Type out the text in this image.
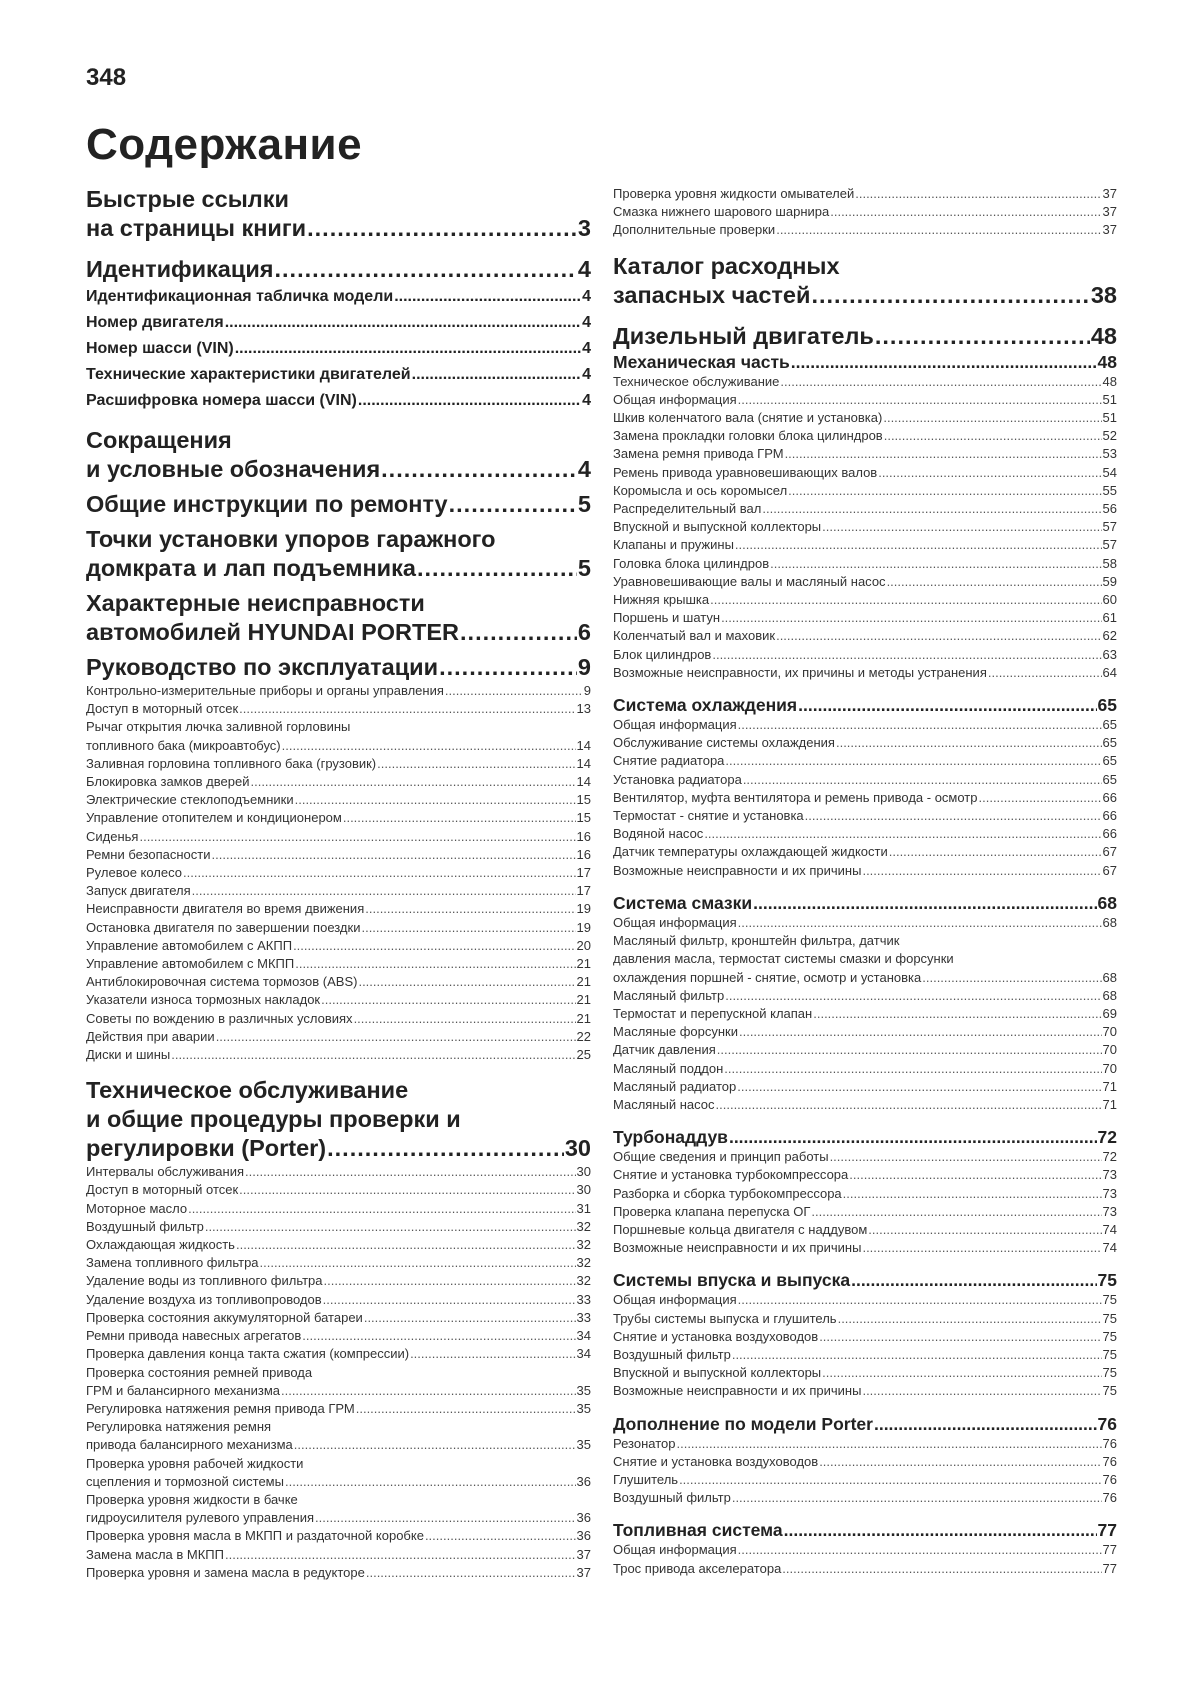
348
Содержание
Быстрые ссылки
на страницы книги .....	3
Идентификация .....	4
Идентификационная табличка модели .....	4
Номер двигателя .....	4
Номер шасси (VIN) .....	4
Технические характеристики двигателей .....	4
Расшифровка номера шасси (VIN) .....	4
Сокращения
и условные обозначения .....	4
Общие инструкции по ремонту .....	5
Точки установки упоров гаражного
домкрата и лап подъемника .....	5
Характерные неисправности
автомобилей HYUNDAI PORTER .....	6
Руководство по эксплуатации .....	9
Контрольно-измерительные приборы и органы управления .....	9
Доступ в моторный отсек .....	13
Рычаг открытия лючка заливной горловины
топливного бака (микроавтобус) .....	14
Заливная горловина топливного бака (грузовик) .....	14
Блокировка замков дверей .....	14
Электрические стеклоподъемники .....	15
Управление отопителем и кондиционером .....	15
Сиденья .....	16
Ремни безопасности .....	16
Рулевое колесо .....	17
Запуск двигателя .....	17
Неисправности двигателя во время движения .....	19
Остановка двигателя по завершении поездки .....	19
Управление автомобилем с АКПП .....	20
Управление автомобилем с МКПП .....	21
Антиблокировочная система тормозов (ABS) .....	21
Указатели износа тормозных накладок .....	21
Советы по вождению в различных условиях .....	21
Действия при аварии .....	22
Диски и шины .....	25
Техническое обслуживание
и общие процедуры проверки и
регулировки (Porter) .....	30
Интервалы обслуживания .....	30
Доступ в моторный отсек .....	30
Моторное масло .....	31
Воздушный фильтр .....	32
Охлаждающая жидкость .....	32
Замена топливного фильтра .....	32
Удаление воды из топливного фильтра .....	32
Удаление воздуха из топливопроводов .....	33
Проверка состояния аккумуляторной батареи .....	33
Ремни привода навесных агрегатов .....	34
Проверка давления конца такта сжатия (компрессии) .....	34
Проверка состояния ремней привода
ГРМ и балансирного механизма .....	35
Регулировка натяжения ремня привода ГРМ .....	35
Регулировка натяжения ремня
привода балансирного механизма .....	35
Проверка уровня рабочей жидкости
сцепления и тормозной системы .....	36
Проверка уровня жидкости в бачке
гидроусилителя рулевого управления .....	36
Проверка уровня масла в МКПП и раздаточной коробке .....	36
Замена масла в МКПП .....	37
Проверка уровня и замена масла в редукторе .....	37
Проверка уровня жидкости омывателей .....	37
Смазка нижнего шарового шарнира .....	37
Дополнительные проверки .....	37
Каталог расходных
запасных частей .....	38
Дизельный двигатель .....	48
Механическая часть .....	48
Техническое обслуживание .....	48
Общая информация .....	51
Шкив коленчатого вала (снятие и установка) .....	51
Замена прокладки головки блока цилиндров .....	52
Замена ремня привода ГРМ .....	53
Ремень привода уравновешивающих валов .....	54
Коромысла и ось коромысел .....	55
Распределительный вал .....	56
Впускной и выпускной коллекторы .....	57
Клапаны и пружины .....	57
Головка блока цилиндров .....	58
Уравновешивающие валы и масляный насос .....	59
Нижняя крышка .....	60
Поршень и шатун .....	61
Коленчатый вал и маховик .....	62
Блок цилиндров .....	63
Возможные неисправности, их причины и методы устранения .....	64
Система охлаждения .....	65
Общая информация .....	65
Обслуживание системы охлаждения .....	65
Снятие радиатора .....	65
Установка радиатора .....	65
Вентилятор, муфта вентилятора и ремень привода - осмотр .....	66
Термостат - снятие и установка .....	66
Водяной насос .....	66
Датчик температуры охлаждающей жидкости .....	67
Возможные неисправности и их причины .....	67
Система смазки .....	68
Общая информация .....	68
Масляный фильтр, кронштейн фильтра, датчик
давления масла, термостат системы смазки и форсунки
охлаждения поршней - снятие, осмотр и установка .....	68
Масляный фильтр .....	68
Термостат и перепускной клапан .....	69
Масляные форсунки .....	70
Датчик давления .....	70
Масляный поддон .....	70
Масляный радиатор .....	71
Масляный насос .....	71
Турбонаддув .....	72
Общие сведения и принцип работы .....	72
Снятие и установка турбокомпрессора .....	73
Разборка и сборка турбокомпрессора .....	73
Проверка клапана перепуска ОГ .....	73
Поршневые кольца двигателя с наддувом .....	74
Возможные неисправности и их причины .....	74
Системы впуска и выпуска .....	75
Общая информация .....	75
Трубы системы выпуска и глушитель .....	75
Снятие и установка воздуховодов .....	75
Воздушный фильтр .....	75
Впускной и выпускной коллекторы .....	75
Возможные неисправности и их причины .....	75
Дополнение по модели Porter .....	76
Резонатор .....	76
Снятие и установка воздуховодов .....	76
Глушитель .....	76
Воздушный фильтр .....	76
Топливная система .....	77
Общая информация .....	77
Трос привода акселератора .....	77
